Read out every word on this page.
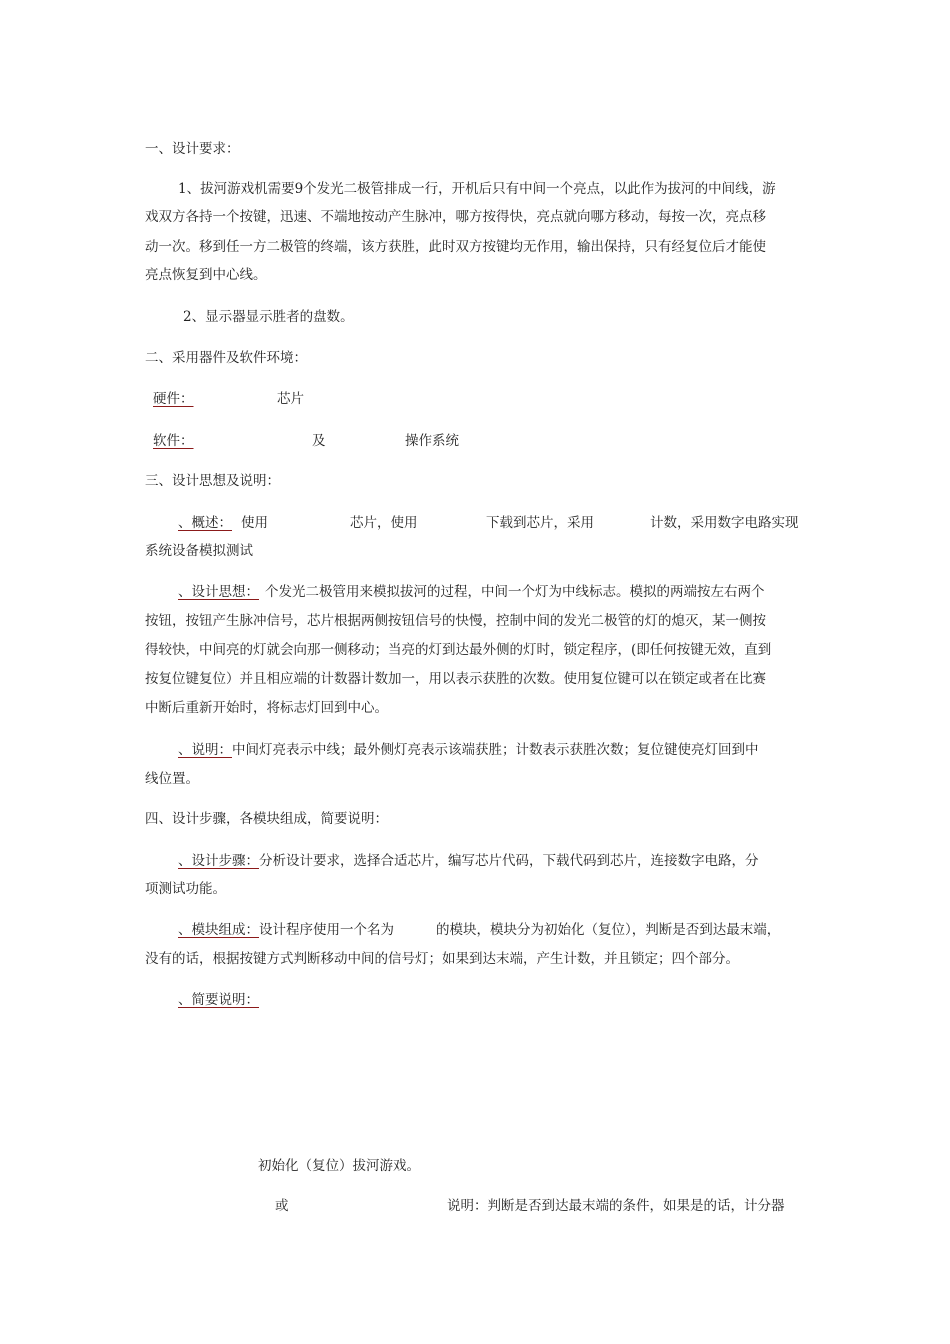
一、设计要求：
1、拔河游戏机需要9个发光二极管排成一行，开机后只有中间一个亮点，以此作为拔河的中间线，游
戏双方各持一个按键，迅速、不端地按动产生脉冲，哪方按得快，亮点就向哪方移动，每按一次，亮点移
动一次。移到任一方二极管的终端，该方获胜，此时双方按键均无作用，输出保持，只有经复位后才能使
亮点恢复到中心线。
2、显示器显示胜者的盘数。
二、采用器件及软件环境：
硬件：	芯片
软件：	及	操作系统
三、设计思想及说明：
、概述： 使用	芯片，使用	下载到芯片，采用	计数，采用数字电路实现
系统设备模拟测试
、设计思想： 个发光二极管用来模拟拔河的过程，中间一个灯为中线标志。模拟的两端按左右两个
按钮，按钮产生脉冲信号，芯片根据两侧按钮信号的快慢，控制中间的发光二极管的灯的熄灭，某一侧按
得较快，中间亮的灯就会向那一侧移动；当亮的灯到达最外侧的灯时，锁定程序，(即任何按键无效，直到
按复位键复位）并且相应端的计数器计数加一，用以表示获胜的次数。使用复位键可以在锁定或者在比赛
中断后重新开始时，将标志灯回到中心。
、说明：中间灯亮表示中线；最外侧灯亮表示该端获胜；计数表示获胜次数；复位键使亮灯回到中
线位置。
四、设计步骤，各模块组成，简要说明：
、设计步骤：分析设计要求，选择合适芯片，编写芯片代码，下载代码到芯片，连接数字电路，分
项测试功能。
、模块组成：设计程序使用一个名为	的模块，模块分为初始化（复位），判断是否到达最末端，
没有的话，根据按键方式判断移动中间的信号灯；如果到达末端，产生计数，并且锁定；四个部分。
、简要说明：
初始化（复位）拔河游戏。
或	说明：判断是否到达最末端的条件，如果是的话，计分器
